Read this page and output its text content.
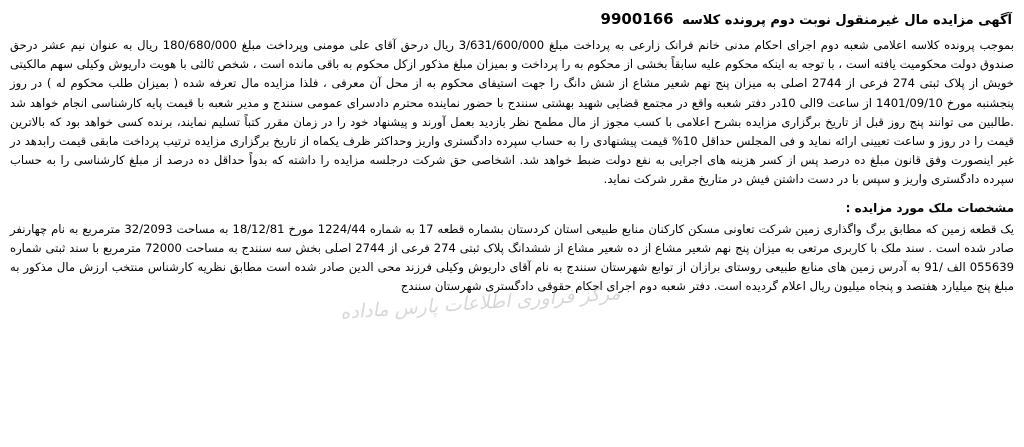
آگهی مزایده مال غیرمنقول نوبت دوم پرونده کلاسه 9900166
بموجب پرونده کلاسه اعلامی شعبه دوم اجرای احکام مدنی خانم فرانک زارعی به پرداخت مبلغ 3/631/600/000 ریال درحق آقای علی مومنی وپرداخت مبلغ 180/680/000 ریال به عنوان نیم عشر درحق صندوق دولت محکومیت یافته است ، با توجه به اینکه محکوم علیه سابقاً بخشی از محکوم به را پرداخت و بمیزان مبلغ مذکور ازکل محکوم به باقی مانده است ، شخص ثالثی با هویت داریوش وکیلی سهم مالکیتی خویش از پلاک ثبتی 274 فرعی از 2744 اصلی به میزان پنج نهم شعیر مشاع از شش دانگ را جهت استیفای محکوم به از محل آن معرفی ، فلذا مزایده مال تعرفه شده ( بمیزان طلب محکوم له ) در روز پنجشنبه مورخ 1401/09/10 از ساعت 9الی 10در دفتر شعبه واقع در مجتمع قضایی شهید بهشتی سنندج با حضور نماینده محترم دادسرای عمومی سنندج و مدیر شعبه با قیمت پایه کارشناسی انجام خواهد شد .طالبین می توانند پنج روز قبل از تاریخ برگزاری مزایده بشرح اعلامی با کسب مجوز از مال مطمح نظر بازدید بعمل آورند و پیشنهاد خود را در زمان مقرر کتباً تسلیم نمایند، برنده کسی خواهد بود که بالاترین قیمت را در روز و ساعت تعیینی ارائه نماید و فی المجلس حداقل 10% قیمت پیشنهادی را به حساب سپرده دادگستری واریز وحداکثر ظرف یکماه از تاریخ برگزاری مزایده ترتیب پرداخت مابقی قیمت رابدهد در غیر اینصورت وفق قانون مبلغ ده درصد پس از کسر هزینه های اجرایی به نفع دولت ضبط خواهد شد. اشخاصی حق شرکت درجلسه مزایده را داشته که بدواً حداقل ده درصد از مبلغ کارشناسی را به حساب سپرده دادگستری واریز و سپس با در دست داشتن فیش در متاریخ مقرر شرکت نماید.
مشخصات ملک مورد مزایده :
یک قطعه زمین که مطابق برگ واگذاری زمین شرکت تعاونی مسکن کارکنان منابع طبیعی استان کردستان بشماره قطعه 17 به شماره 1224/44 مورخ 18/12/81 به مساحت 32/2093 مترمربع به نام چهارنفر صادر شده است . سند ملک با کاربری مرتعی به میزان پنج نهم شعیر مشاع از ده شعیر مشاع از ششدانگ پلاک ثبتی 274 فرعی از 2744 اصلی بخش سه سنندج به مساحت 72000 مترمربع با سند ثبتی شماره 055639 الف /91 به آدرس زمین های منابع طبیعی روستای برازان از توابع شهرستان سنندج به نام آقای داریوش وکیلی فرزند محی الدین صادر شده است مطابق نظریه کارشناس منتخب ارزش مال مذکور به مبلغ پنج میلیارد هفتصد و پنجاه میلیون ریال اعلام گردیده است. دفتر شعبه دوم اجرای احکام حقوقی دادگستری شهرستان سنندج
مرکز فرآوری اطلاعات پارس ماداده
